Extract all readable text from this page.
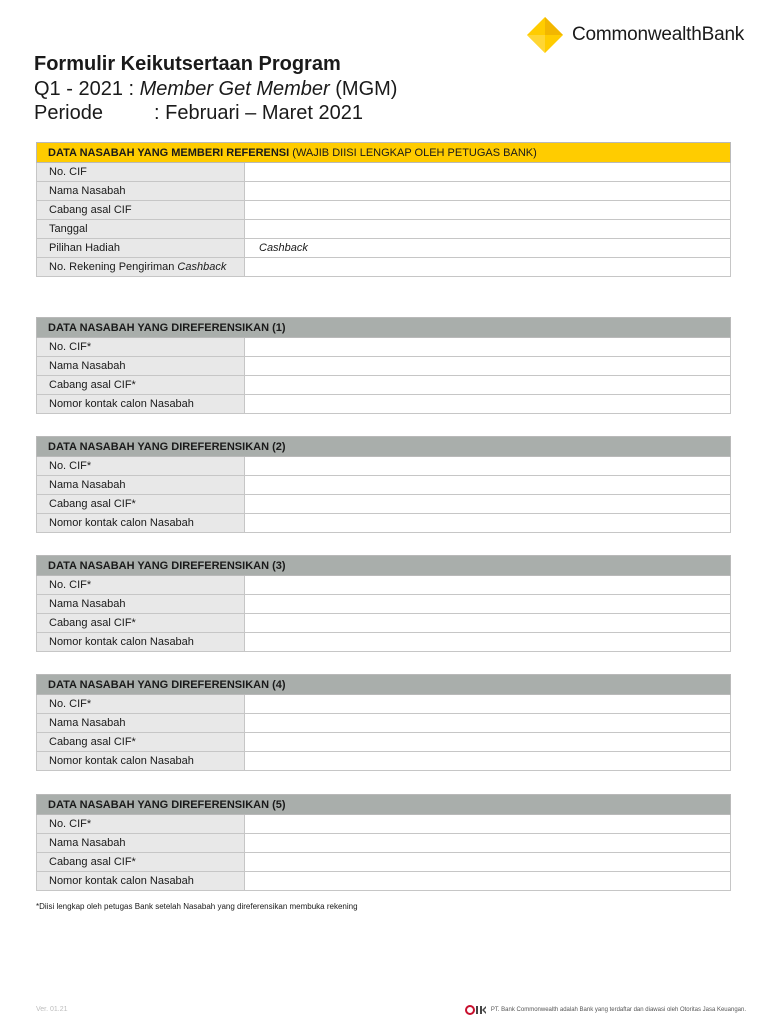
CommonwealthBank
Formulir Keikutsertaan Program
Q1 - 2021 : Member Get Member (MGM)
Periode	: Februari – Maret 2021
DATA NASABAH YANG MEMBERI REFERENSI (WAJIB DIISI LENGKAP OLEH PETUGAS BANK)	
No. CIF	
Nama Nasabah	
Cabang asal CIF	
Tanggal	
Pilihan Hadiah	Cashback
No. Rekening Pengiriman Cashback	
DATA NASABAH YANG DIREFERENSIKAN (1)	
No. CIF*	
Nama Nasabah	
Cabang asal CIF*	
Nomor kontak calon Nasabah	
DATA NASABAH YANG DIREFERENSIKAN (2)	
No. CIF*	
Nama Nasabah	
Cabang asal CIF*	
Nomor kontak calon Nasabah	
DATA NASABAH YANG DIREFERENSIKAN (3)	
No. CIF*	
Nama Nasabah	
Cabang asal CIF*	
Nomor kontak calon Nasabah	
DATA NASABAH YANG DIREFERENSIKAN (4)	
No. CIF*	
Nama Nasabah	
Cabang asal CIF*	
Nomor kontak calon Nasabah	
DATA NASABAH YANG DIREFERENSIKAN (5)	
No. CIF*	
Nama Nasabah	
Cabang asal CIF*	
Nomor kontak calon Nasabah	
*Diisi lengkap oleh petugas Bank setelah Nasabah yang direferensikan membuka rekening
Ver. 01.21	PT. Bank Commonwealth adalah Bank yang terdaftar dan diawasi oleh Otoritas Jasa Keuangan.
